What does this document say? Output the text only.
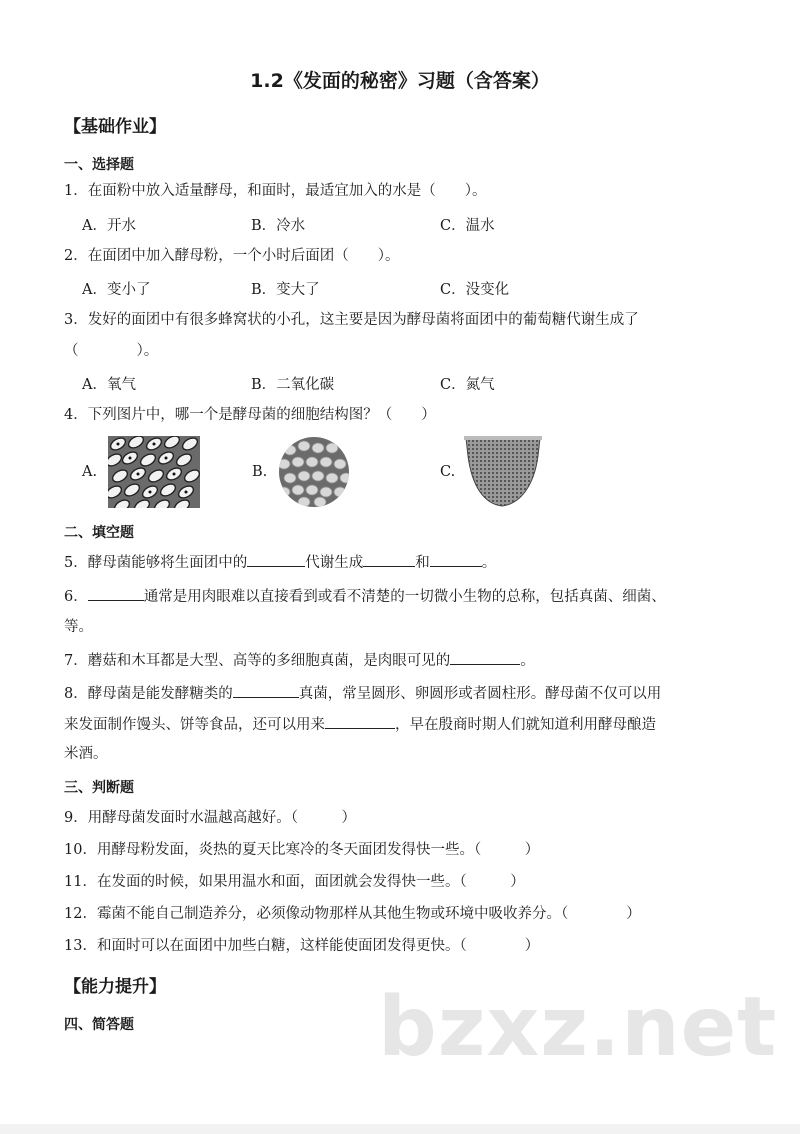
1.2《发面的秘密》习题（含答案）
【基础作业】
一、选择题
1．在面粉中放入适量酵母，和面时，最适宜加入的水是（　　）。
A．开水	B．冷水	C．温水
2．在面团中加入酵母粉，一个小时后面团（　　）。
A．变小了	B．变大了	C．没变化
3．发好的面团中有很多蜂窝状的小孔，这主要是因为酵母菌将面团中的葡萄糖代谢生成了
（　　　　）。
A．氧气	B．二氧化碳	C．氮气
4．下列图片中，哪一个是酵母菌的细胞结构图？（　　）
A.	B.	C.
二、填空题
5．酵母菌能够将生面团中的	代谢生成	和	。
6．	通常是用肉眼难以直接看到或看不清楚的一切微小生物的总称，包括真菌、细菌、
等。
7．蘑菇和木耳都是大型、高等的多细胞真菌，是肉眼可见的	。
8．酵母菌是能发酵糖类的	真菌，常呈圆形、卵圆形或者圆柱形。酵母菌不仅可以用
来发面制作馒头、饼等食品，还可以用来	，早在殷商时期人们就知道利用酵母酿造
米酒。
三、判断题
9．用酵母菌发面时水温越高越好。（　　　）
10．用酵母粉发面，炎热的夏天比寒冷的冬天面团发得快一些。（　　　）
11．在发面的时候，如果用温水和面，面团就会发得快一些。（　　　）
12．霉菌不能自己制造养分，必须像动物那样从其他生物或环境中吸收养分。（　　　　）
13．和面时可以在面团中加些白糖，这样能使面团发得更快。（　　　　）
【能力提升】
四、简答题	bzxz.net
